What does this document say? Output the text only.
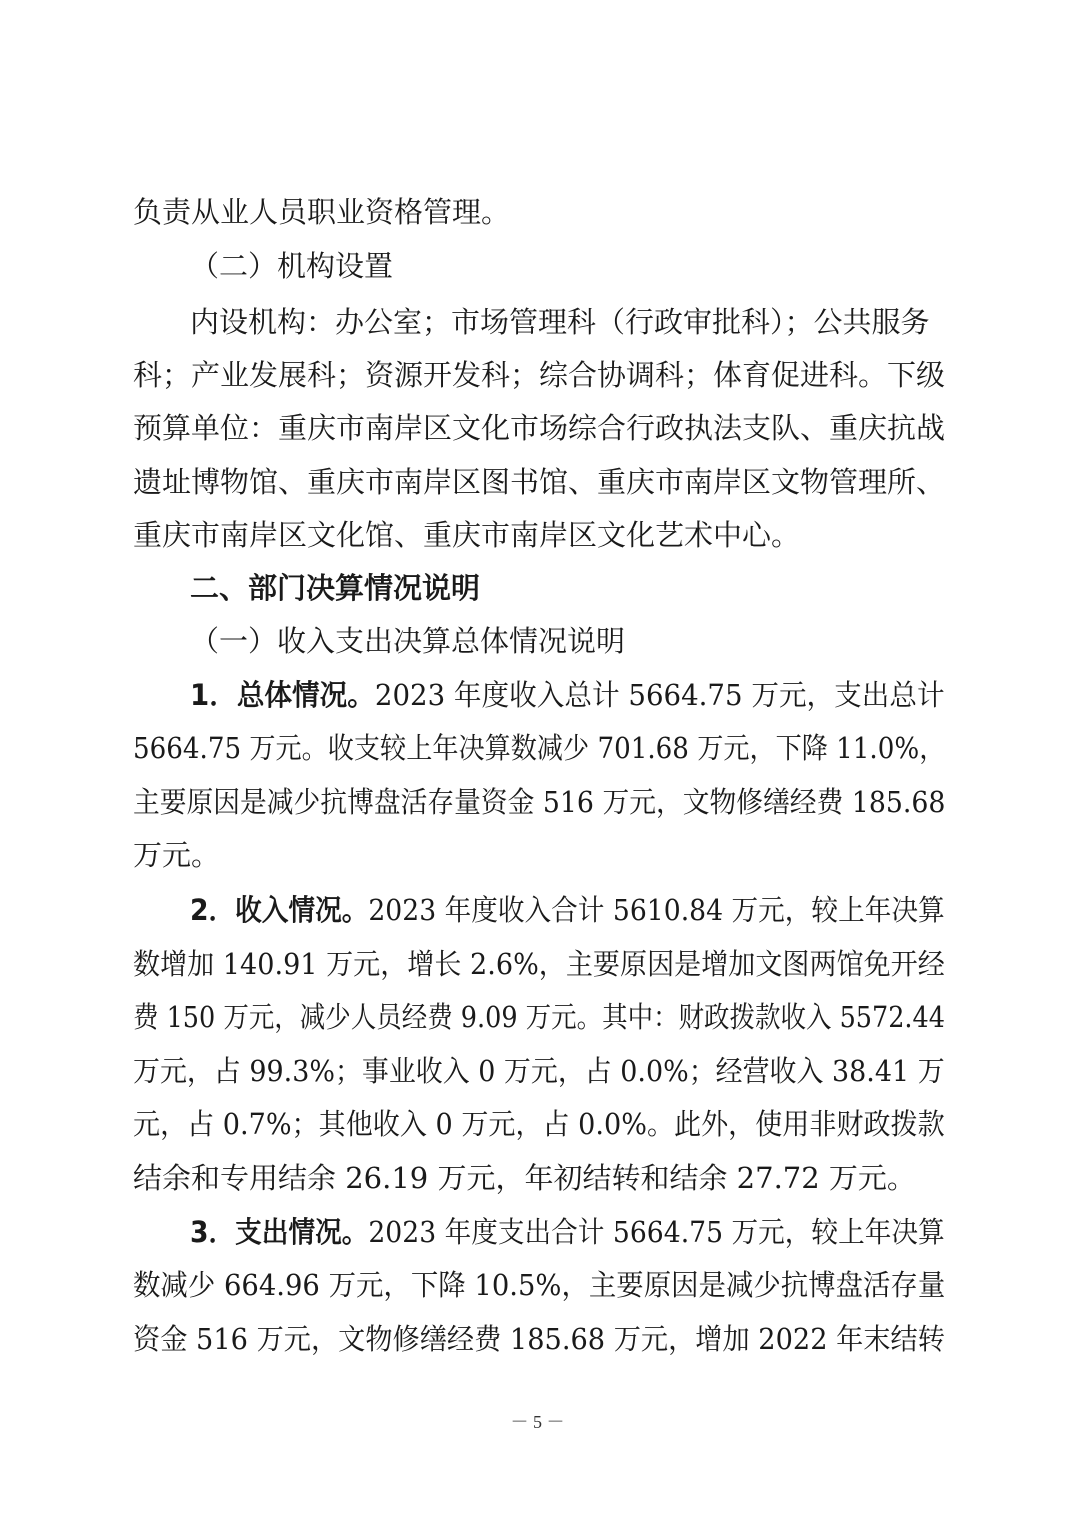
负责从业人员职业资格管理。
（二）机构设置
内设机构：办公室；市场管理科（行政审批科）；公共服务
科；产业发展科；资源开发科；综合协调科；体育促进科。下级
预算单位：重庆市南岸区文化市场综合行政执法支队、重庆抗战
遗址博物馆、重庆市南岸区图书馆、重庆市南岸区文物管理所、
重庆市南岸区文化馆、重庆市南岸区文化艺术中心。
二、部门决算情况说明
（一）收入支出决算总体情况说明
1．总体情况。2023 年度收入总计 5664.75 万元，支出总计
5664.75 万元。收支较上年决算数减少 701.68 万元，下降 11.0%，
主要原因是减少抗博盘活存量资金 516 万元，文物修缮经费 185.68
万元。
2．收入情况。2023 年度收入合计 5610.84 万元，较上年决算
数增加 140.91 万元，增长 2.6%，主要原因是增加文图两馆免开经
费 150 万元，减少人员经费 9.09 万元。其中：财政拨款收入 5572.44
万元，占 99.3%；事业收入 0 万元，占 0.0%；经营收入 38.41 万
元，占 0.7%；其他收入 0 万元，占 0.0%。此外，使用非财政拨款
结余和专用结余 26.19 万元，年初结转和结余 27.72 万元。
3．支出情况。2023 年度支出合计 5664.75 万元，较上年决算
数减少 664.96 万元，下降 10.5%，主要原因是减少抗博盘活存量
资金 516 万元，文物修缮经费 185.68 万元，增加 2022 年末结转
－ 5 －
